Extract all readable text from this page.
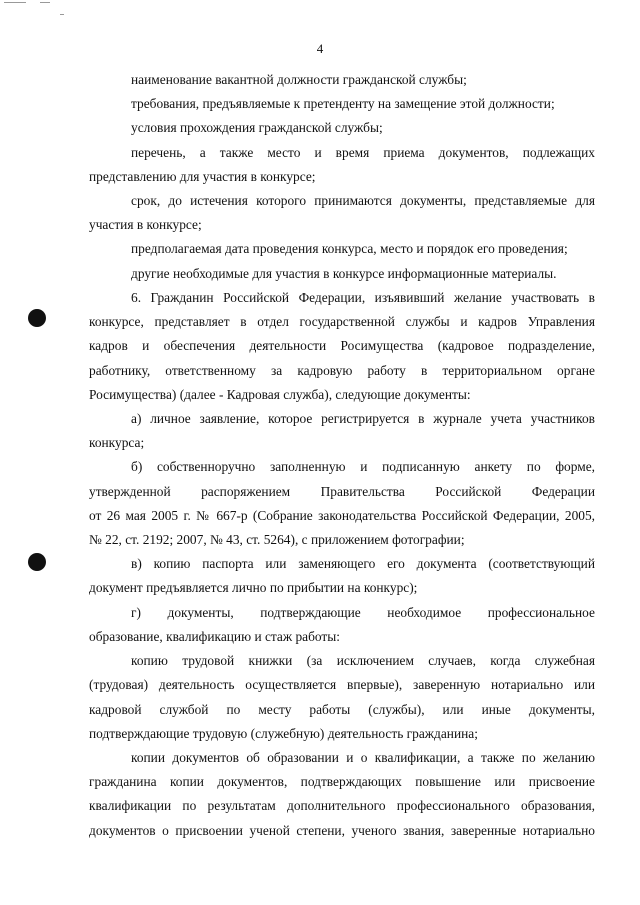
4
наименование вакантной должности гражданской службы;
требования, предъявляемые к претенденту на замещение этой должности;
условия прохождения гражданской службы;
перечень, а также место и время приема документов, подлежащих
представлению для участия в конкурсе;
срок, до истечения которого принимаются документы, представляемые для
участия в конкурсе;
предполагаемая дата проведения конкурса, место и порядок его проведения;
другие необходимые для участия в конкурсе информационные материалы.
6. Гражданин Российской Федерации, изъявивший желание участвовать в
конкурсе, представляет в отдел государственной службы и кадров Управления
кадров и обеспечения деятельности Росимущества (кадровое подразделение,
работнику, ответственному за кадровую работу в территориальном органе
Росимущества) (далее - Кадровая служба), следующие документы:
а) личное заявление, которое регистрируется в журнале учета участников
конкурса;
б) собственноручно заполненную и подписанную анкету по форме,
утвержденной распоряжением Правительства Российской Федерации
от 26 мая 2005 г. № 667-р (Собрание законодательства Российской Федерации, 2005,
№ 22, ст. 2192; 2007, № 43, ст. 5264), с приложением фотографии;
в) копию паспорта или заменяющего его документа (соответствующий
документ предъявляется лично по прибытии на конкурс);
г) документы, подтверждающие необходимое профессиональное
образование, квалификацию и стаж работы:
копию трудовой книжки (за исключением случаев, когда служебная
(трудовая) деятельность осуществляется впервые), заверенную нотариально или
кадровой службой по месту работы (службы), или иные документы,
подтверждающие трудовую (служебную) деятельность гражданина;
копии документов об образовании и о квалификации, а также по желанию
гражданина копии документов, подтверждающих повышение или присвоение
квалификации по результатам дополнительного профессионального образования,
документов о присвоении ученой степени, ученого звания, заверенные нотариально
